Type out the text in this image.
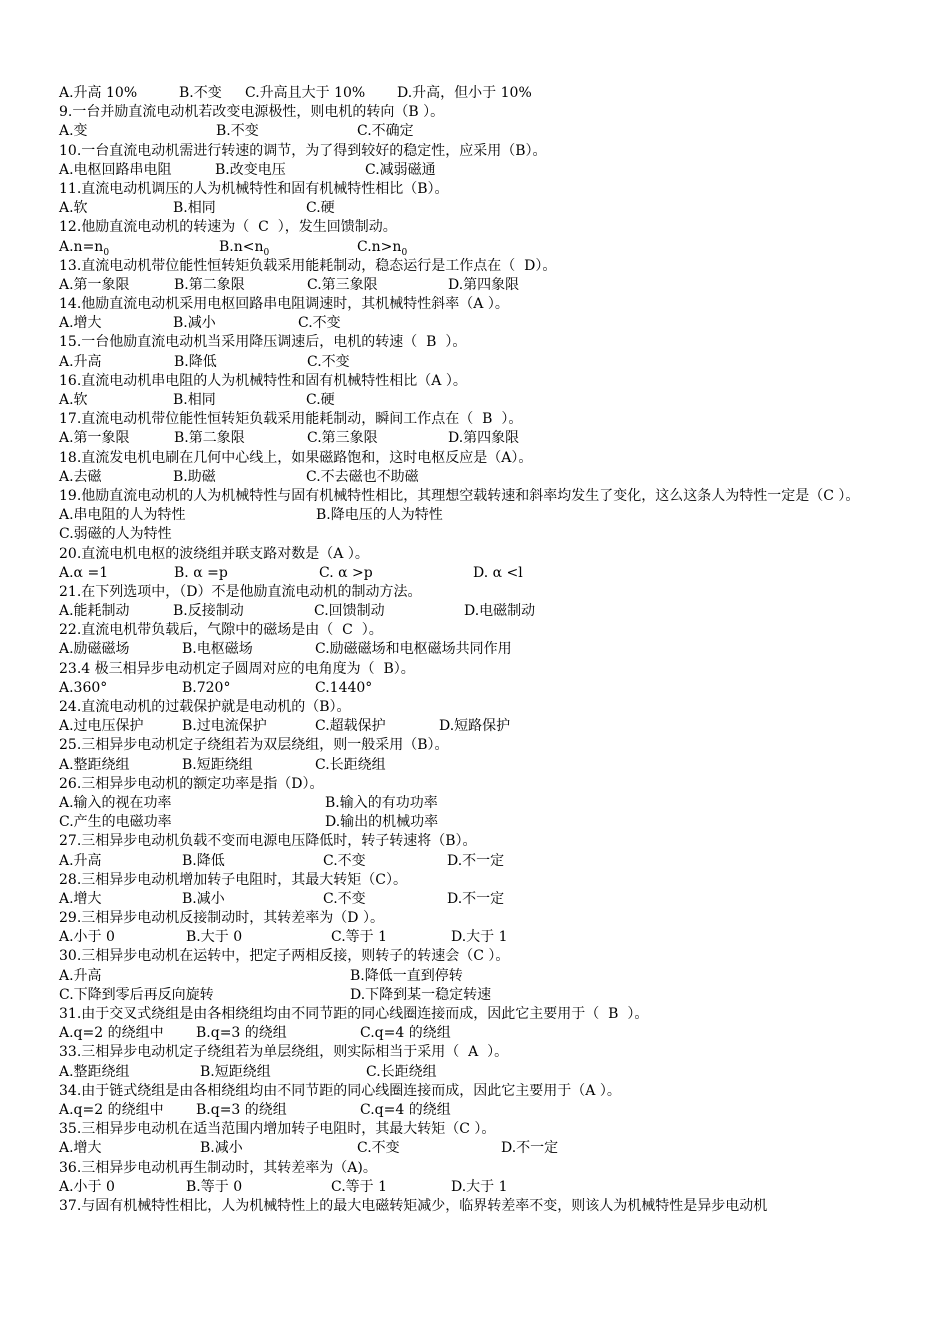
A.升高 10%	B.不变 C.升高且大于 10% D.升高，但小于 10%
9.一台并励直流电动机若改变电源极性，则电机的转向（B ）。
A.变	B.不变	C.不确定
10.一台直流电动机需进行转速的调节，为了得到较好的稳定性，应采用（B）。
A.电枢回路串电阻	B.改变电压	C.减弱磁通
11.直流电动机调压的人为机械特性和固有机械特性相比（B）。
A.软	B.相同	C.硬
12.他励直流电动机的转速为（  C  ），发生回馈制动。
$A.n=n_0$	$B.n<n_0$	$C.n>n_0$
13.直流电动机带位能性恒转矩负载采用能耗制动，稳态运行是工作点在（  D）。
A.第一象限	B.第二象限	C.第三象限	D.第四象限
14.他励直流电动机采用电枢回路串电阻调速时，其机械特性斜率（A ）。
A.增大	B.减小	C.不变
15.一台他励直流电动机当采用降压调速后，电机的转速（  B  ）。
A.升高	B.降低	C.不变
16.直流电动机串电阻的人为机械特性和固有机械特性相比（A ）。
A.软	B.相同	C.硬
17.直流电动机带位能性恒转矩负载采用能耗制动，瞬间工作点在（  B  ）。
A.第一象限	B.第二象限	C.第三象限	D.第四象限
18.直流发电机电刷在几何中心线上，如果磁路饱和，这时电枢反应是（A）。
A.去磁	B.助磁	C.不去磁也不助磁
19.他励直流电动机的人为机械特性与固有机械特性相比，其理想空载转速和斜率均发生了变化，这么这条人为特性一定是（C ）。
A.串电阻的人为特性	B.降电压的人为特性
C.弱磁的人为特性
20.直流电机电枢的波绕组并联支路对数是（A ）。
A.α =1	B. α =p	C. α >p	D. α <l
21.在下列选项中，（D）不是他励直流电动机的制动方法。
A.能耗制动	B.反接制动	C.回馈制动	D.电磁制动
22.直流电机带负载后，气隙中的磁场是由（  C  ）。
A.励磁磁场	B.电枢磁场	C.励磁磁场和电枢磁场共同作用
23.4 极三相异步电动机定子圆周对应的电角度为（  B）。
A.360°	B.720°	C.1440°
24.直流电动机的过载保护就是电动机的（B）。
A.过电压保护	B.过电流保护	C.超载保护	D.短路保护
25.三相异步电动机定子绕组若为双层绕组，则一般采用（B）。
A.整距绕组	B.短距绕组	C.长距绕组
26.三相异步电动机的额定功率是指（D）。
A.输入的视在功率	B.输入的有功功率
C.产生的电磁功率	D.输出的机械功率
27.三相异步电动机负载不变而电源电压降低时，转子转速将（B）。
A.升高	B.降低	C.不变	D.不一定
28.三相异步电动机增加转子电阻时，其最大转矩（C）。
A.增大	B.减小	C.不变	D.不一定
29.三相异步电动机反接制动时，其转差率为（D ）。
A.小于 0	B.大于 0	C.等于 1	D.大于 1
30.三相异步电动机在运转中，把定子两相反接，则转子的转速会（C ）。
A.升高	B.降低一直到停转
C.下降到零后再反向旋转	D.下降到某一稳定转速
31.由于交叉式绕组是由各相绕组均由不同节距的同心线圈连接而成，因此它主要用于（  B  ）。
A.q=2 的绕组中 B.q=3 的绕组	C.q=4 的绕组
33.三相异步电动机定子绕组若为单层绕组，则实际相当于采用（  A  ）。
A.整距绕组	B.短距绕组	C.长距绕组
34.由于链式绕组是由各相绕组均由不同节距的同心线圈连接而成，因此它主要用于（A ）。
A.q=2 的绕组中 B.q=3 的绕组	C.q=4 的绕组
35.三相异步电动机在适当范围内增加转子电阻时，其最大转矩（C ）。
A.增大	B.减小	C.不变	D.不一定
36.三相异步电动机再生制动时，其转差率为（A)。
A.小于 0	B.等于 0	C.等于 1	D.大于 1
37.与固有机械特性相比，人为机械特性上的最大电磁转矩减少，临界转差率不变，则该人为机械特性是异步电动机
